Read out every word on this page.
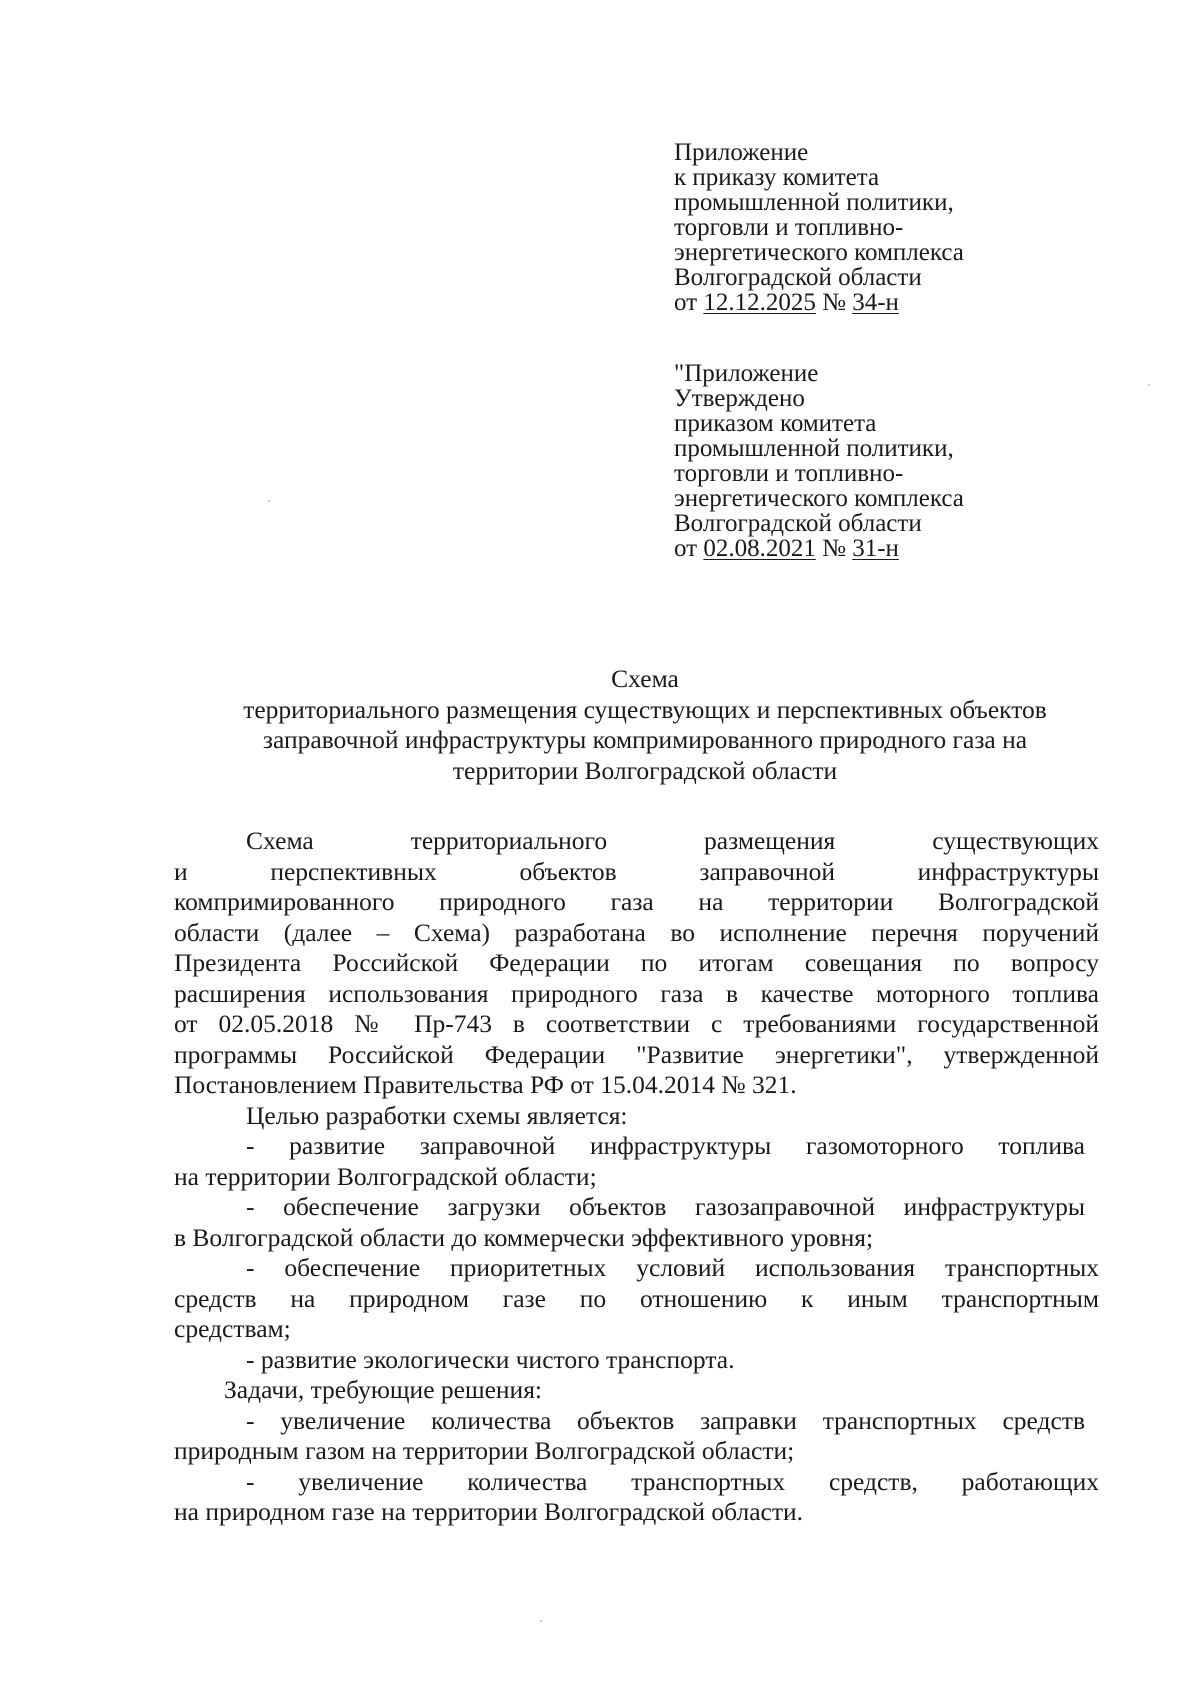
Приложение
к приказу комитета
промышленной политики,
торговли и топливно-
энергетического комплекса
Волгоградской области
от 12.12.2025 № 34-н
"Приложение
Утверждено
приказом комитета
промышленной политики,
торговли и топливно-
энергетического комплекса
Волгоградской области
от 02.08.2021 № 31-н
Схема
территориального размещения существующих и перспективных объектов
заправочной инфраструктуры компримированного природного газа на
территории Волгоградской области
Схема территориального размещения существующих
и перспективных объектов заправочной инфраструктуры
компримированного природного газа на территории Волгоградской
области (далее – Схема) разработана во исполнение перечня поручений
Президента Российской Федерации по итогам совещания по вопросу
расширения использования природного газа в качестве моторного топлива
от 02.05.2018 № Пр-743 в соответствии с требованиями государственной
программы Российской Федерации "Развитие энергетики", утвержденной
Постановлением Правительства РФ от 15.04.2014 № 321.
Целью разработки схемы является:
- развитие заправочной инфраструктуры газомоторного топлива
на территории Волгоградской области;
- обеспечение загрузки объектов газозаправочной инфраструктуры
в Волгоградской области до коммерчески эффективного уровня;
- обеспечение приоритетных условий использования транспортных
средств на природном газе по отношению к иным транспортным
средствам;
- развитие экологически чистого транспорта.
Задачи, требующие решения:
- увеличение количества объектов заправки транспортных средств
природным газом на территории Волгоградской области;
- увеличение количества транспортных средств, работающих
на природном газе на территории Волгоградской области.
